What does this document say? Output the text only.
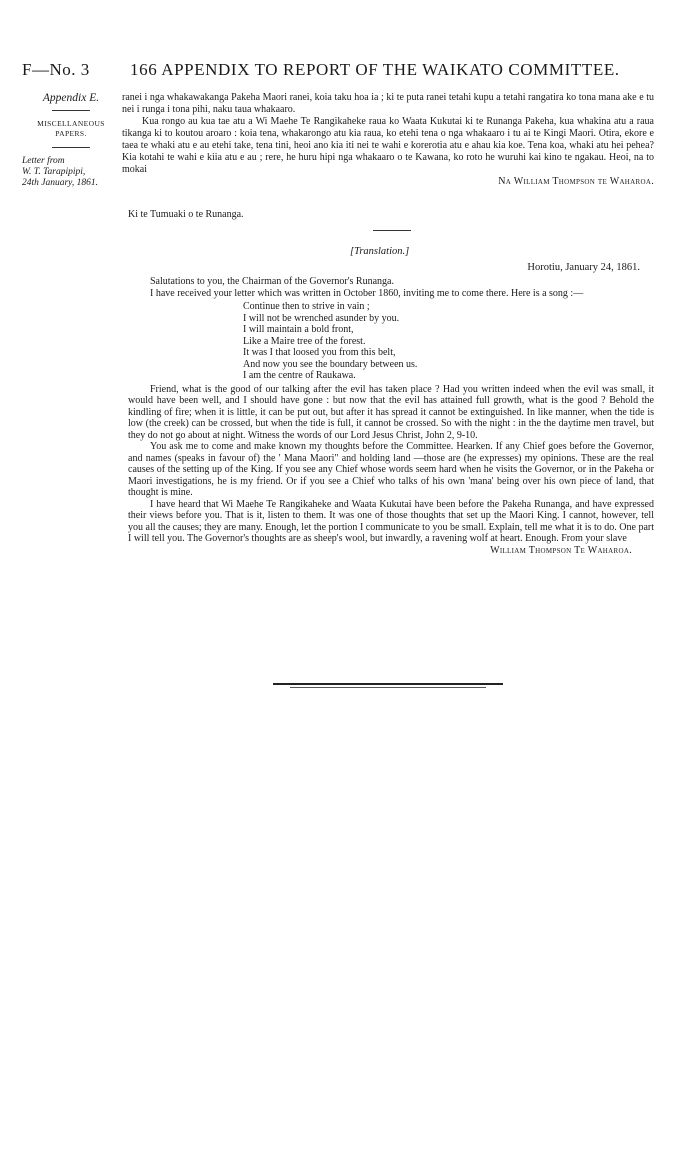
F—No. 3 166 APPENDIX TO REPORT OF THE WAIKATO COMMITTEE.
Appendix E.
MISCELLANEOUS PAPERS.
Letter from
W. T. Tarapipipi,
24th January, 1861.

ranei i nga whakawakanga Pakeha Maori ranei, koia taku hoa ia ; ki te puta ranei tetahi kupu a tetahi rangatira ko tona mana ake e tu nei i runga i tona pihi, naku taua whakaaro.

Kua rongo au kua tae atu a Wi Maehe Te Rangikaheke raua ko Waata Kukutai ki te Runanga Pakeha, kua whakina atu a raua tikanga ki to koutou aroaro : koia tena, whakarongo atu kia raua, ko etehi tena o nga whakaaro i tu ai te Kingi Maori. Otira, ekore e taea te whaki atu e au etehi take, tena tini, heoi ano kia iti nei te wahi e korerotia atu e ahau kia koe. Tena koa, whaki atu hei pehea? Kia kotahi te wahi e kiia atu e au ; rere, he huru hipi nga whakaaro o te Kawana, ko roto he wuruhi kai kino te ngakau. Heoi, na to mokai

Na William Thompson te Waharoa.
Ki te Tumuaki o te Runanga.
[Translation.]
Horotiu, January 24, 1861.

Salutations to you, the Chairman of the Governor's Runanga.

I have received your letter which was written in October 1860, inviting me to come there. Here is a song :—

Continue then to strive in vain ;
I will not be wrenched asunder by you.
I will maintain a bold front,
Like a Maire tree of the forest.
It was I that loosed you from this belt,
And now you see the boundary between us.
I am the centre of Raukawa.

Friend, what is the good of our talking after the evil has taken place ? Had you written indeed when the evil was small, it would have been well, and I should have gone : but now that the evil has attained full growth, what is the good ? Behold the kindling of fire; when it is little, it can be put out, but after it has spread it cannot be extinguished. In like manner, when the tide is low (the creek) can be crossed, but when the tide is full, it cannot be crossed. So with the night : in the the daytime men travel, but they do not go about at night. Witness the words of our Lord Jesus Christ, John 2, 9-10.

You ask me to come and make known my thoughts before the Committee. Hearken. If any Chief goes before the Governor, and names (speaks in favour of) the ' Mana Maori" and holding land —those are (he expresses) my opinions. These are the real causes of the setting up of the King. If you see any Chief whose words seem hard when he visits the Governor, or in the Pakeha or Maori investigations, he is my friend. Or if you see a Chief who talks of his own 'mana' being over his own piece of land, that thought is mine.

I have heard that Wi Maehe Te Rangikaheke and Waata Kukutai have been before the Pakeha Runanga, and have expressed their views before you. That is it, listen to them. It was one of those thoughts that set up the Maori King. I cannot, however, tell you all the causes; they are many. Enough, let the portion I communicate to you be small. Explain, tell me what it is to do. One part I will tell you. The Governor's thoughts are as sheep's wool, but inwardly, a ravening wolf at heart. Enough. From your slave

William Thompson Te Waharoa.
